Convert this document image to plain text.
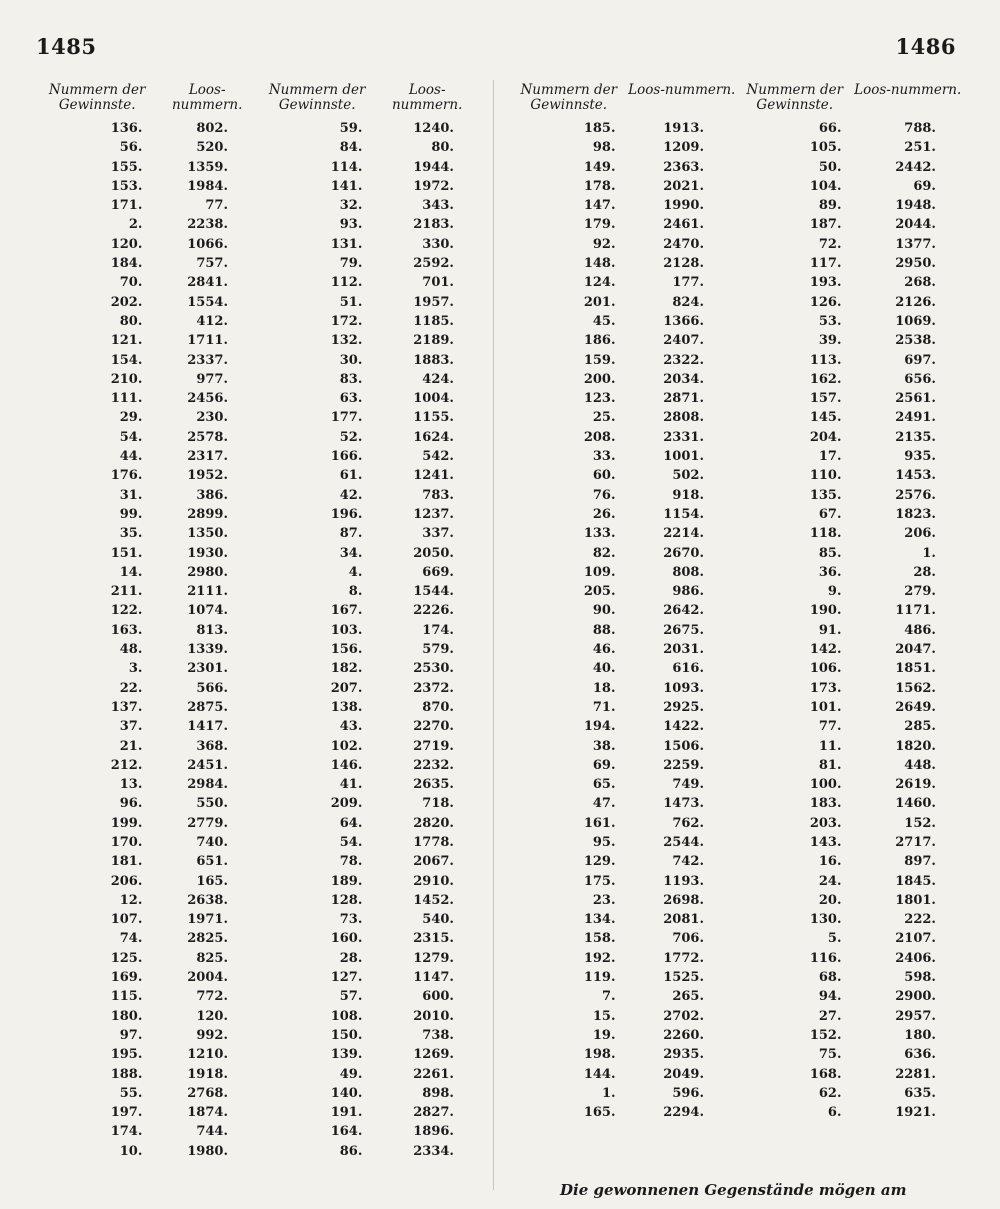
1485	1486
Nummern der Gewinnste.
Loos-nummern.
Nummern der Gewinnste.
Loos-nummern.
136.	802.	59.	1240.
56.	520.	84.	80.
155.	1359.	114.	1944.
153.	1984.	141.	1972.
171.	77.	32.	343.
2.	2238.	93.	2183.
120.	1066.	131.	330.
184.	757.	79.	2592.
70.	2841.	112.	701.
202.	1554.	51.	1957.
80.	412.	172.	1185.
121.	1711.	132.	2189.
154.	2337.	30.	1883.
210.	977.	83.	424.
111.	2456.	63.	1004.
29.	230.	177.	1155.
54.	2578.	52.	1624.
44.	2317.	166.	542.
176.	1952.	61.	1241.
31.	386.	42.	783.
99.	2899.	196.	1237.
35.	1350.	87.	337.
151.	1930.	34.	2050.
14.	2980.	4.	669.
211.	2111.	8.	1544.
122.	1074.	167.	2226.
163.	813.	103.	174.
48.	1339.	156.	579.
3.	2301.	182.	2530.
22.	566.	207.	2372.
137.	2875.	138.	870.
37.	1417.	43.	2270.
21.	368.	102.	2719.
212.	2451.	146.	2232.
13.	2984.	41.	2635.
96.	550.	209.	718.
199.	2779.	64.	2820.
170.	740.	54.	1778.
181.	651.	78.	2067.
206.	165.	189.	2910.
12.	2638.	128.	1452.
107.	1971.	73.	540.
74.	2825.	160.	2315.
125.	825.	28.	1279.
169.	2004.	127.	1147.
115.	772.	57.	600.
180.	120.	108.	2010.
97.	992.	150.	738.
195.	1210.	139.	1269.
188.	1918.	49.	2261.
55.	2768.	140.	898.
197.	1874.	191.	2827.
174.	744.	164.	1896.
10.	1980.	86.	2334.
Nummern der Gewinnste.
Loos-nummern. Nummern der Gewinnste.
Loos-nummern.
185.	1913.	66.	788.
98.	1209.	105.	251.
149.	2363.	50.	2442.
178.	2021.	104.	69.
147.	1990.	89.	1948.
179.	2461.	187.	2044.
92.	2470.	72.	1377.
148.	2128.	117.	2950.
124.	177.	193.	268.
201.	824.	126.	2126.
45.	1366.	53.	1069.
186.	2407.	39.	2538.
159.	2322.	113.	697.
200.	2034.	162.	656.
123.	2871.	157.	2561.
25.	2808.	145.	2491.
208.	2331.	204.	2135.
33.	1001.	17.	935.
60.	502.	110.	1453.
76.	918.	135.	2576.
26.	1154.	67.	1823.
133.	2214.	118.	206.
82.	2670.	85.	1.
109.	808.	36.	28.
205.	986.	9.	279.
90.	2642.	190.	1171.
88.	2675.	91.	486.
46.	2031.	142.	2047.
40.	616.	106.	1851.
18.	1093.	173.	1562.
71.	2925.	101.	2649.
194.	1422.	77.	285.
38.	1506.	11.	1820.
69.	2259.	81.	448.
65.	749.	100.	2619.
47.	1473.	183.	1460.
161.	762.	203.	152.
95.	2544.	143.	2717.
129.	742.	16.	897.
175.	1193.	24.	1845.
23.	2698.	20.	1801.
134.	2081.	130.	222.
158.	706.	5.	2107.
192.	1772.	116.	2406.
119.	1525.	68.	598.
7.	265.	94.	2900.
15.	2702.	27.	2957.
19.	2260.	152.	180.
198.	2935.	75.	636.
144.	2049.	168.	2281.
1.	596.	62.	635.
165.	2294.	6.	1921.
Die gewonnenen Gegenstände mögen am
